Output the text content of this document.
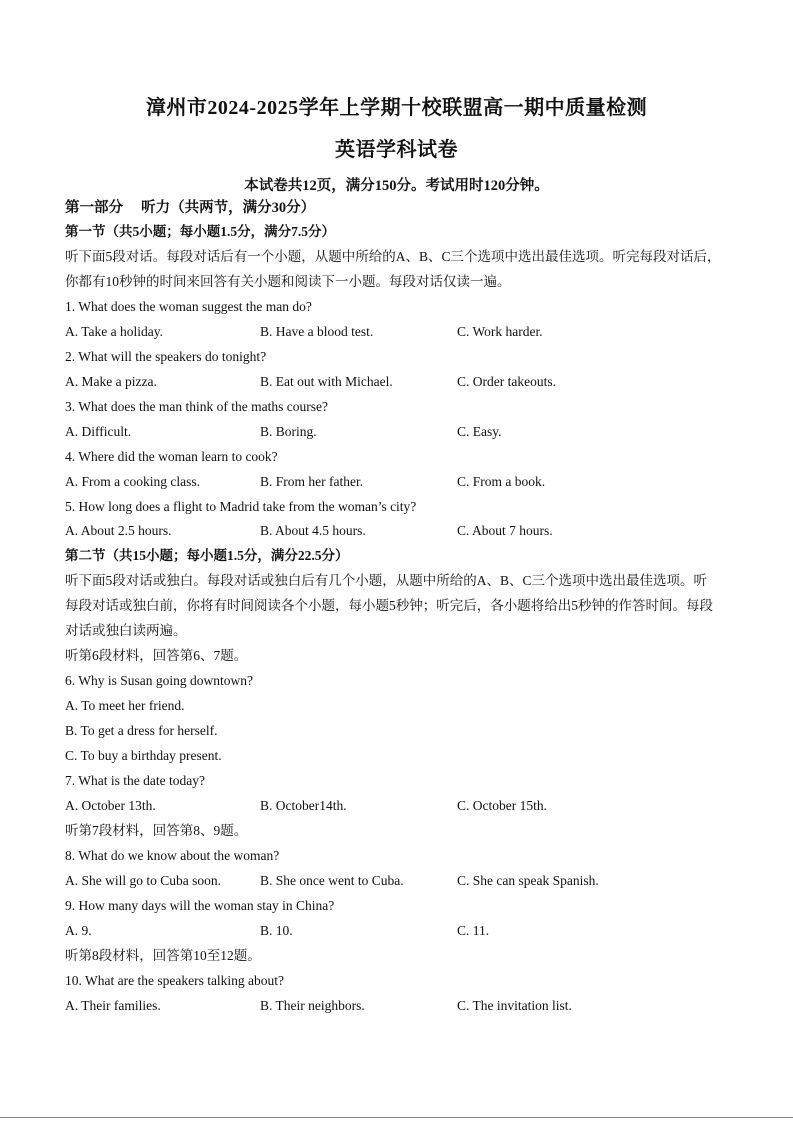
漳州市2024-2025学年上学期十校联盟高一期中质量检测
英语学科试卷
本试卷共12页，满分150分。考试用时120分钟。
第一部分　 听力（共两节，满分30分）
第一节（共5小题；每小题1.5分，满分7.5分）
听下面5段对话。每段对话后有一个小题，从题中所给的A、B、C三个选项中选出最佳选项。听完每段对话后，
你都有10秒钟的时间来回答有关小题和阅读下一小题。每段对话仅读一遍。
1. What does the woman suggest the man do?
A. Take a holiday.	B. Have a blood test.	C. Work harder.
2. What will the speakers do tonight?
A. Make a pizza.	B. Eat out with Michael.	C. Order takeouts.
3. What does the man think of the maths course?
A. Difficult.	B. Boring.	C. Easy.
4. Where did the woman learn to cook?
A. From a cooking class.	B. From her father.	C. From a book.
5. How long does a flight to Madrid take from the woman’s city?
A. About 2.5 hours.	B. About 4.5 hours.	C. About 7 hours.
第二节（共15小题；每小题1.5分，满分22.5分）
听下面5段对话或独白。每段对话或独白后有几个小题，从题中所给的A、B、C三个选项中选出最佳选项。听
每段对话或独白前，你将有时间阅读各个小题，每小题5秒钟；听完后，各小题将给出5秒钟的作答时间。每段
对话或独白读两遍。
听第6段材料，回答第6、7题。
6. Why is Susan going downtown?
A. To meet her friend.
B. To get a dress for herself.
C. To buy a birthday present.
7. What is the date today?
A. October 13th.	B. October14th.	C. October 15th.
听第7段材料，回答第8、9题。
8. What do we know about the woman?
A. She will go to Cuba soon.	B. She once went to Cuba.	C. She can speak Spanish.
9. How many days will the woman stay in China?
A. 9.	B. 10.	C. 11.
听第8段材料，回答第10至12题。
10. What are the speakers talking about?
A. Their families.	B. Their neighbors.	C. The invitation list.
